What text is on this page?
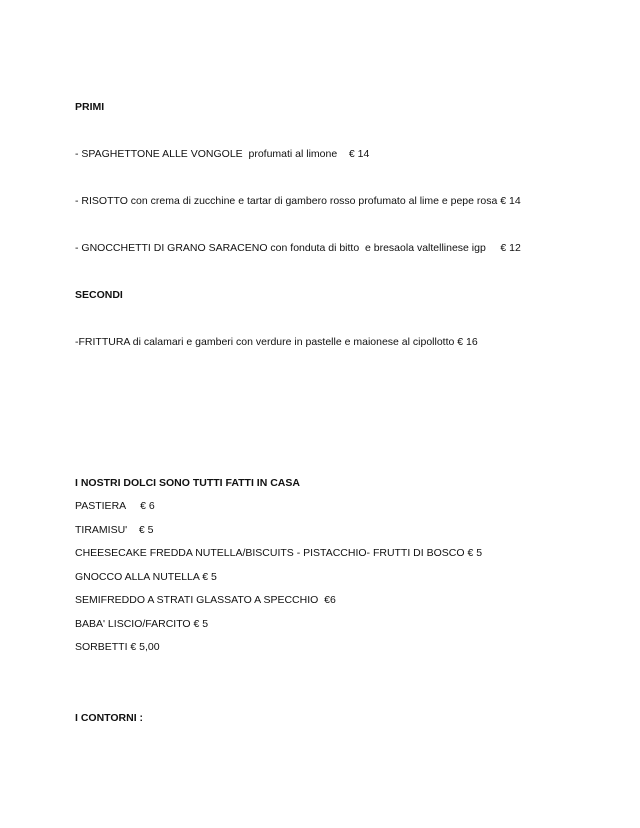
PRIMI
- SPAGHETTONE ALLE VONGOLE  profumati al limone    € 14
- RISOTTO con crema di zucchine e tartar di gambero rosso profumato al lime e pepe rosa € 14
- GNOCCHETTI DI GRANO SARACENO con fonduta di bitto  e bresaola valtellinese igp     € 12
SECONDI
-FRITTURA di calamari e gamberi con verdure in pastelle e maionese al cipollotto € 16
I NOSTRI DOLCI SONO TUTTI FATTI IN CASA
PASTIERA     € 6
TIRAMISU'    € 5
CHEESECAKE FREDDA NUTELLA/BISCUITS - PISTACCHIO- FRUTTI DI BOSCO € 5
GNOCCO ALLA NUTELLA € 5
SEMIFREDDO A STRATI GLASSATO A SPECCHIO  €6
BABA' LISCIO/FARCITO € 5
SORBETTI € 5,00
I CONTORNI :
